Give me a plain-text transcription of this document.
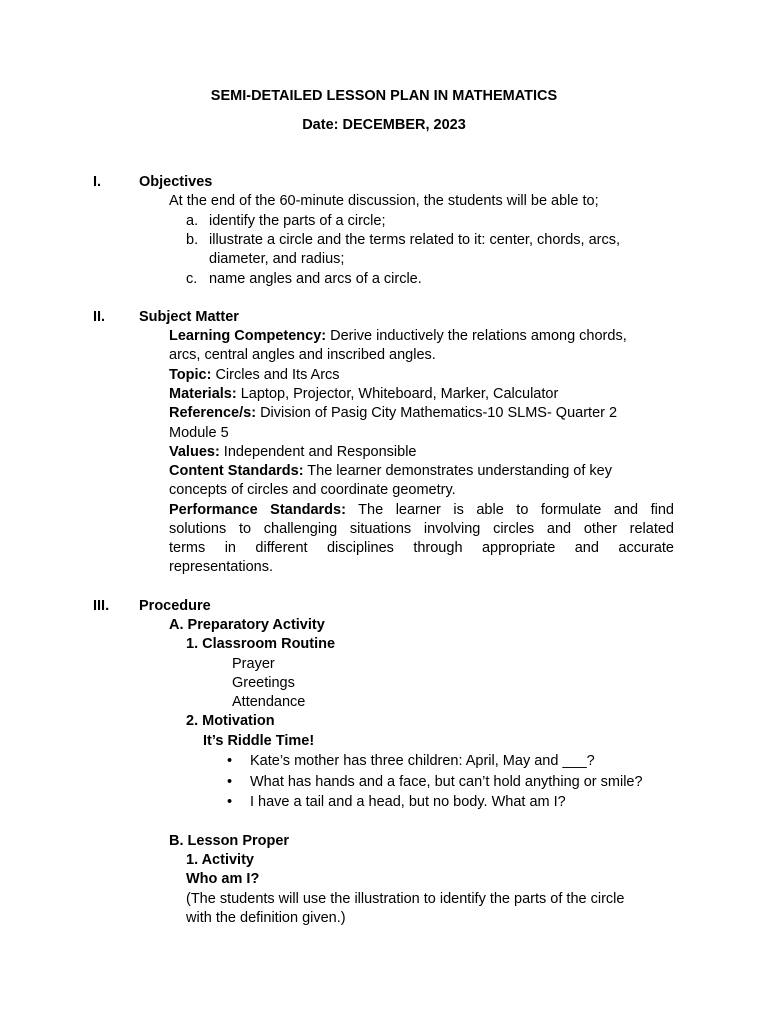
SEMI-DETAILED LESSON PLAN IN MATHEMATICS
Date: DECEMBER, 2023
I.	Objectives
At the end of the 60-minute discussion, the students will be able to;
a. identify the parts of a circle;
b. illustrate a circle and the terms related to it: center, chords, arcs,
diameter, and radius;
c. name angles and arcs of a circle.
II. Subject Matter
Learning Competency: Derive inductively the relations among chords,
arcs, central angles and inscribed angles.
Topic: Circles and Its Arcs
Materials: Laptop, Projector, Whiteboard, Marker, Calculator
Reference/s: Division of Pasig City Mathematics-10 SLMS- Quarter 2
Module 5
Values: Independent and Responsible
Content Standards: The learner demonstrates understanding of key
concepts of circles and coordinate geometry.
Performance Standards: The learner is able to formulate and find
solutions to challenging situations involving circles and other related
terms in different disciplines through appropriate and accurate
representations.
III. Procedure
A. Preparatory Activity
1. Classroom Routine
Prayer
Greetings
Attendance
2. Motivation
It’s Riddle Time!
• Kate’s mother has three children: April, May and ___?
• What has hands and a face, but can’t hold anything or smile?
• I have a tail and a head, but no body. What am I?
B. Lesson Proper
1. Activity
Who am I?
(The students will use the illustration to identify the parts of the circle
with the definition given.)
